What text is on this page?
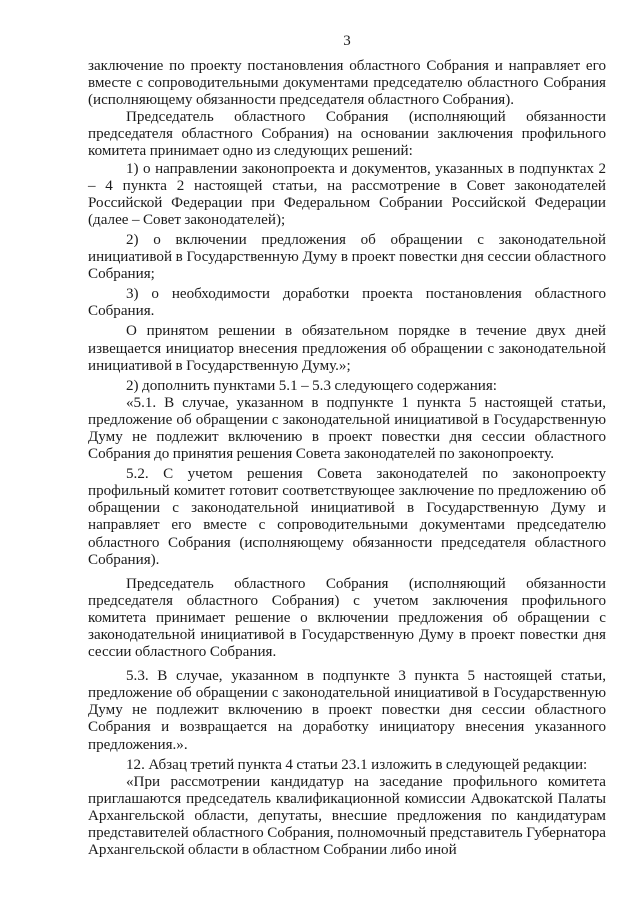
3

заключение по проекту постановления областного Собрания и направляет его вместе с сопроводительными документами председателю областного Собрания (исполняющему обязанности председателя областного Собрания).

Председатель областного Собрания (исполняющий обязанности председателя областного Собрания) на основании заключения профильного комитета принимает одно из следующих решений:

1) о направлении законопроекта и документов, указанных в подпунктах 2 – 4 пункта 2 настоящей статьи, на рассмотрение в Совет законодателей Российской Федерации при Федеральном Собрании Российской Федерации (далее – Совет законодателей);

2) о включении предложения об обращении с законодательной инициативой в Государственную Думу в проект повестки дня сессии областного Собрания;

3) о необходимости доработки проекта постановления областного Собрания.

О принятом решении в обязательном порядке в течение двух дней извещается инициатор внесения предложения об обращении с законодательной инициативой в Государственную Думу.»;

2) дополнить пунктами 5.1 – 5.3 следующего содержания:

«5.1. В случае, указанном в подпункте 1 пункта 5 настоящей статьи, предложение об обращении с законодательной инициативой в Государственную Думу не подлежит включению в проект повестки дня сессии областного Собрания до принятия решения Совета законодателей по законопроекту.

5.2. С учетом решения Совета законодателей по законопроекту профильный комитет готовит соответствующее заключение по предложению об обращении с законодательной инициативой в Государственную Думу и направляет его вместе с сопроводительными документами председателю областного Собрания (исполняющему обязанности председателя областного Собрания).

Председатель областного Собрания (исполняющий обязанности председателя областного Собрания) с учетом заключения профильного комитета принимает решение о включении предложения об обращении с законодательной инициативой в Государственную Думу в проект повестки дня сессии областного Собрания.

5.3. В случае, указанном в подпункте 3 пункта 5 настоящей статьи, предложение об обращении с законодательной инициативой в Государственную Думу не подлежит включению в проект повестки дня сессии областного Собрания и возвращается на доработку инициатору внесения указанного предложения.».

12. Абзац третий пункта 4 статьи 23.1 изложить в следующей редакции:

«При рассмотрении кандидатур на заседание профильного комитета приглашаются председатель квалификационной комиссии Адвокатской Палаты Архангельской области, депутаты, внесшие предложения по кандидатурам представителей областного Собрания, полномочный представитель Губернатора Архангельской области в областном Собрании либо иной
